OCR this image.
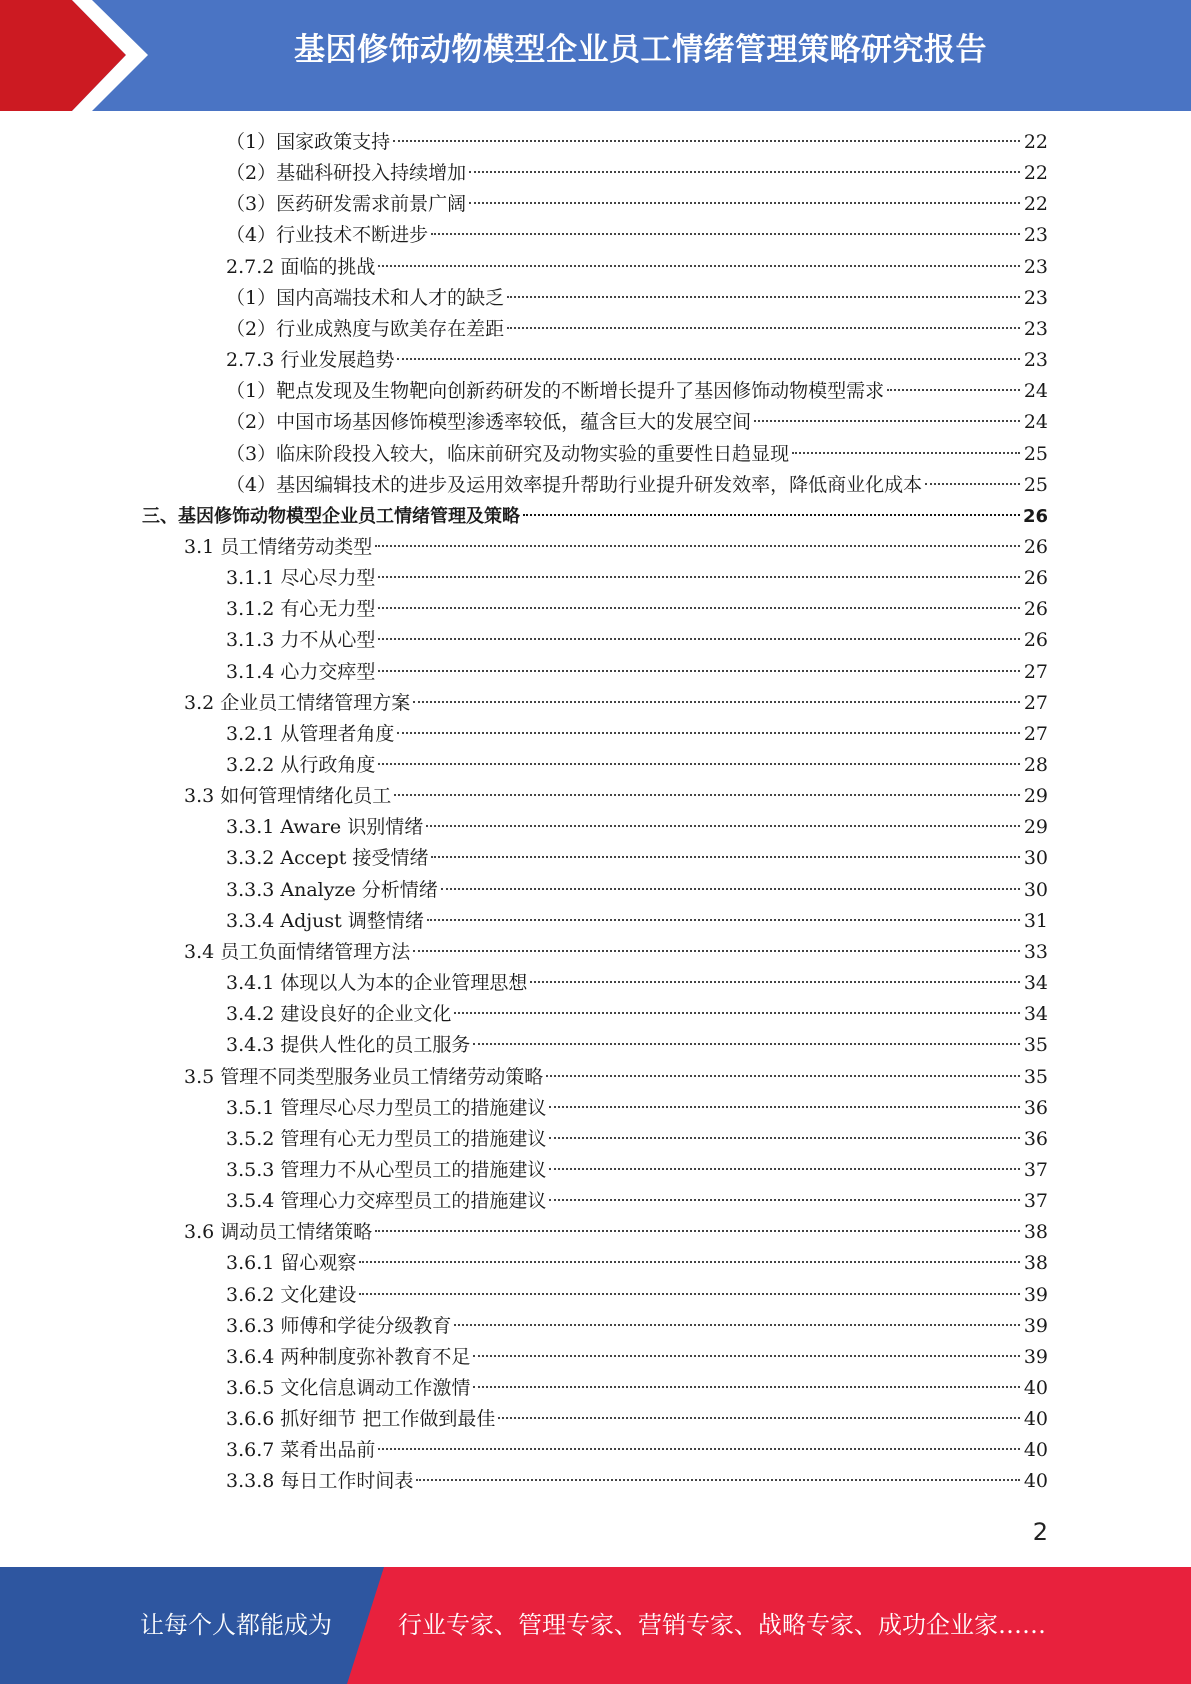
基因修饰动物模型企业员工情绪管理策略研究报告
（1）国家政策支持	22
（2）基础科研投入持续增加	22
（3）医药研发需求前景广阔	22
（4）行业技术不断进步	23
2.7.2 面临的挑战	23
（1）国内高端技术和人才的缺乏	23
（2）行业成熟度与欧美存在差距	23
2.7.3 行业发展趋势	23
（1）靶点发现及生物靶向创新药研发的不断增长提升了基因修饰动物模型需求	24
（2）中国市场基因修饰模型渗透率较低，蕴含巨大的发展空间	24
（3）临床阶段投入较大，临床前研究及动物实验的重要性日趋显现	25
（4）基因编辑技术的进步及运用效率提升帮助行业提升研发效率，降低商业化成本	25
三、基因修饰动物模型企业员工情绪管理及策略	26
3.1 员工情绪劳动类型	26
3.1.1 尽心尽力型	26
3.1.2 有心无力型	26
3.1.3 力不从心型	26
3.1.4 心力交瘁型	27
3.2 企业员工情绪管理方案	27
3.2.1 从管理者角度	27
3.2.2 从行政角度	28
3.3 如何管理情绪化员工	29
3.3.1 Aware 识别情绪	29
3.3.2 Accept 接受情绪	30
3.3.3 Analyze 分析情绪	30
3.3.4 Adjust 调整情绪	31
3.4 员工负面情绪管理方法	33
3.4.1 体现以人为本的企业管理思想	34
3.4.2 建设良好的企业文化	34
3.4.3 提供人性化的员工服务	35
3.5 管理不同类型服务业员工情绪劳动策略	35
3.5.1 管理尽心尽力型员工的措施建议	36
3.5.2 管理有心无力型员工的措施建议	36
3.5.3 管理力不从心型员工的措施建议	37
3.5.4 管理心力交瘁型员工的措施建议	37
3.6 调动员工情绪策略	38
3.6.1 留心观察	38
3.6.2 文化建设	39
3.6.3 师傅和学徒分级教育	39
3.6.4 两种制度弥补教育不足	39
3.6.5 文化信息调动工作激情	40
3.6.6 抓好细节 把工作做到最佳	40
3.6.7 菜肴出品前	40
3.3.8 每日工作时间表	40
2
让每个人都能成为	行业专家、管理专家、营销专家、战略专家、成功企业家……
